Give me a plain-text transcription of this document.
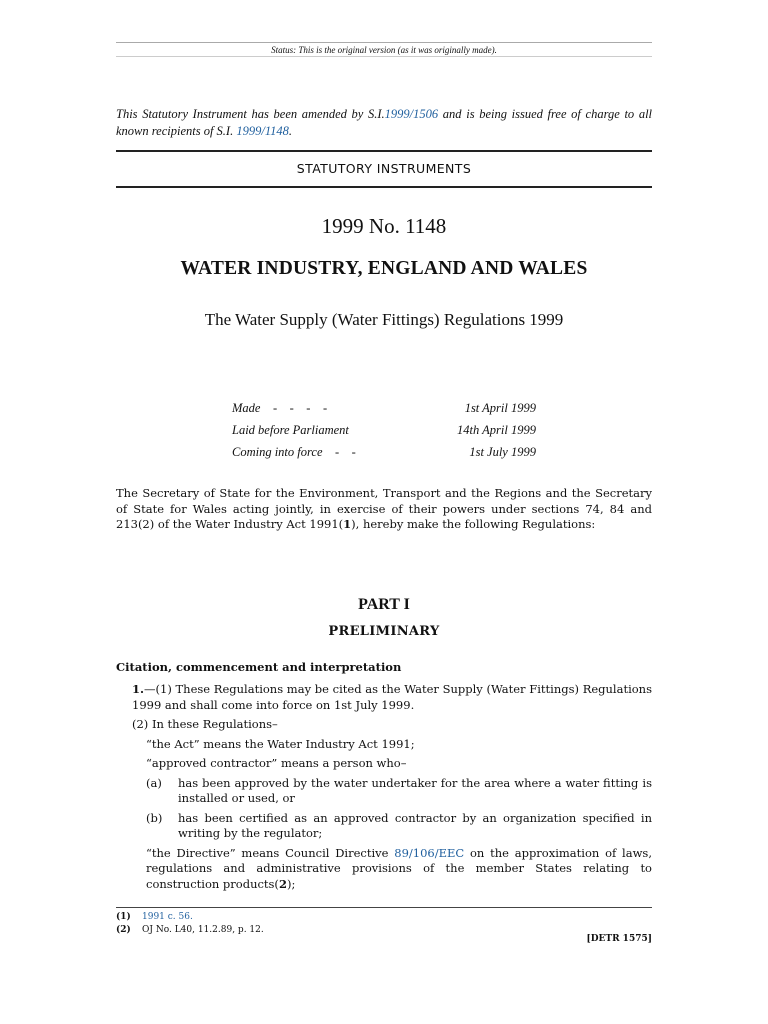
Status: This is the original version (as it was originally made).
This Statutory Instrument has been amended by S.I.1999/1506 and is being issued free of charge to all known recipients of S.I. 1999/1148.
STATUTORY INSTRUMENTS
1999 No. 1148
WATER INDUSTRY, ENGLAND AND WALES
The Water Supply (Water Fittings) Regulations 1999
Made    -    -    -    -	1st April 1999
Laid before Parliament	14th April 1999
Coming into force    -    -	1st July 1999
The Secretary of State for the Environment, Transport and the Regions and the Secretary of State for Wales acting jointly, in exercise of their powers under sections 74, 84 and 213(2) of the Water Industry Act 1991(1), hereby make the following Regulations:
PART I
PRELIMINARY
Citation, commencement and interpretation
1.—(1) These Regulations may be cited as the Water Supply (Water Fittings) Regulations 1999 and shall come into force on 1st July 1999.
(2) In these Regulations–
“the Act” means the Water Industry Act 1991;
“approved contractor” means a person who–
(a)	has been approved by the water undertaker for the area where a water fitting is installed or used, or
(b)	has been certified as an approved contractor by an organization specified in writing by the regulator;
“the Directive” means Council Directive 89/106/EEC on the approximation of laws, regulations and administrative provisions of the member States relating to construction products(2);
(1)	1991 c. 56.
(2)	OJ No. L40, 11.2.89, p. 12.
[DETR 1575]
